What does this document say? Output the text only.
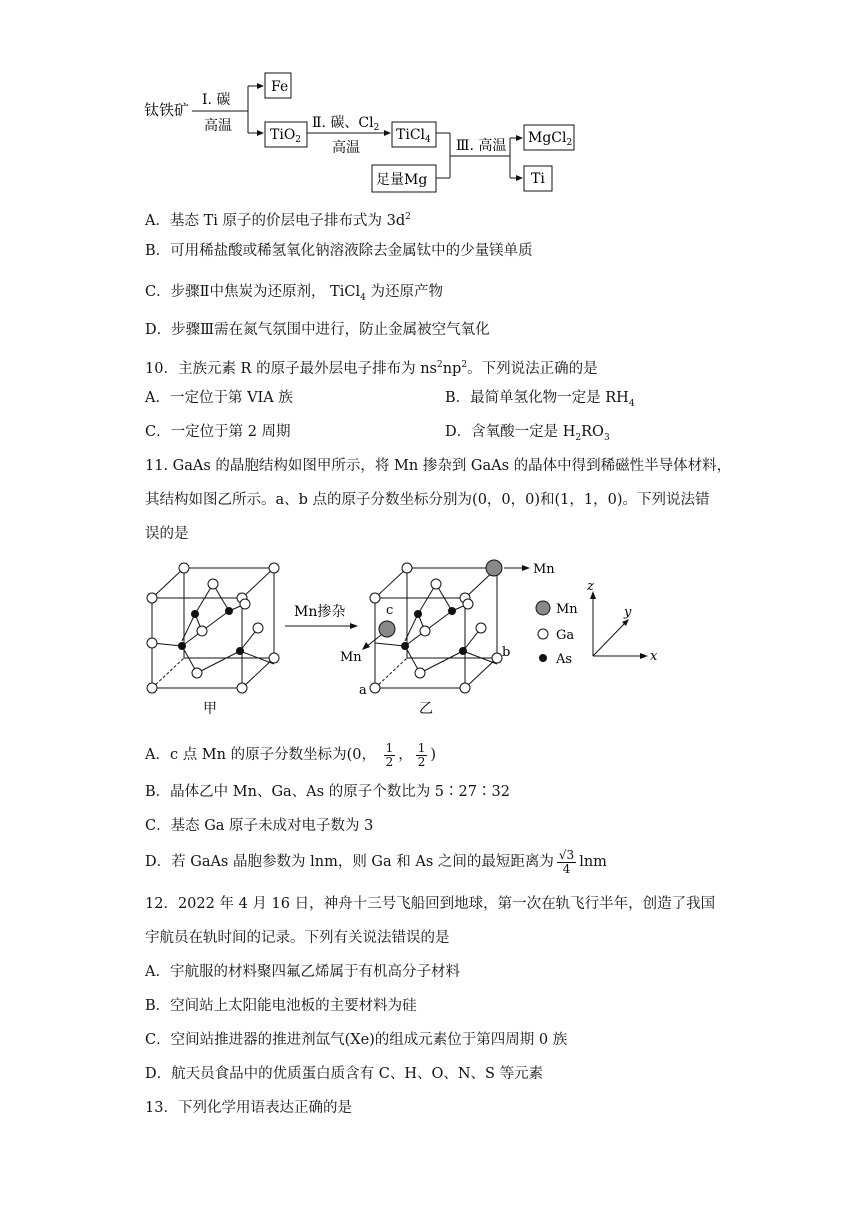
钛铁矿
Ⅰ. 碳
高温
Fe
TiO$_2$
Ⅱ. 碳、$Cl_2$
高温
TiCl$_4$
足量Mg
Ⅲ. 高温 MgCl$_2$
Ti
A．基态 Ti 原子的价层电子排布式为 $3d^2$
B．可用稀盐酸或稀氢氧化钠溶液除去金属钛中的少量镁单质
C．步骤Ⅱ中焦炭为还原剂， TiCl$_4$ 为还原产物
D．步骤Ⅲ需在氮气氛围中进行，防止金属被空气氧化
10．主族元素 R 的原子最外层电子排布为 $ns^2np^2$。下列说法正确的是
A．一定位于第 VIA 族	B．最简单氢化物一定是 $RH_4$
C．一定位于第 2 周期	D．含氧酸一定是 $H_2RO_3$
11. GaAs 的晶胞结构如图甲所示，将 Mn 掺杂到 GaAs 的晶体中得到稀磁性半导体材料，
其结构如图乙所示。a、b 点的原子分数坐标分别为(0，0，0)和(1，1，0)。下列说法错
误的是
甲
Mn掺杂
Mn
Mn
c
a
b
乙
Mn
Ga
As
z
x
y
A．c 点 Mn 的原子分数坐标为(0， $\frac{1}{2}$ ， $\frac{1}{2}$ )
B．晶体乙中 Mn、Ga、As 的原子个数比为 5∶27∶32
C．基态 Ga 原子未成对电子数为 3
D．若 GaAs 晶胞参数为 lnm，则 Ga 和 As 之间的最短距离为 $\frac{√3}{4}$ lnm
12．2022 年 4 月 16 日，神舟十三号飞船回到地球，第一次在轨飞行半年，创造了我国
宇航员在轨时间的记录。下列有关说法错误的是
A．宇航服的材料聚四氟乙烯属于有机高分子材料
B．空间站上太阳能电池板的主要材料为硅
C．空间站推进器的推进剂氙气(Xe)的组成元素位于第四周期 0 族
D．航天员食品中的优质蛋白质含有 C、H、O、N、S 等元素
13．下列化学用语表达正确的是
